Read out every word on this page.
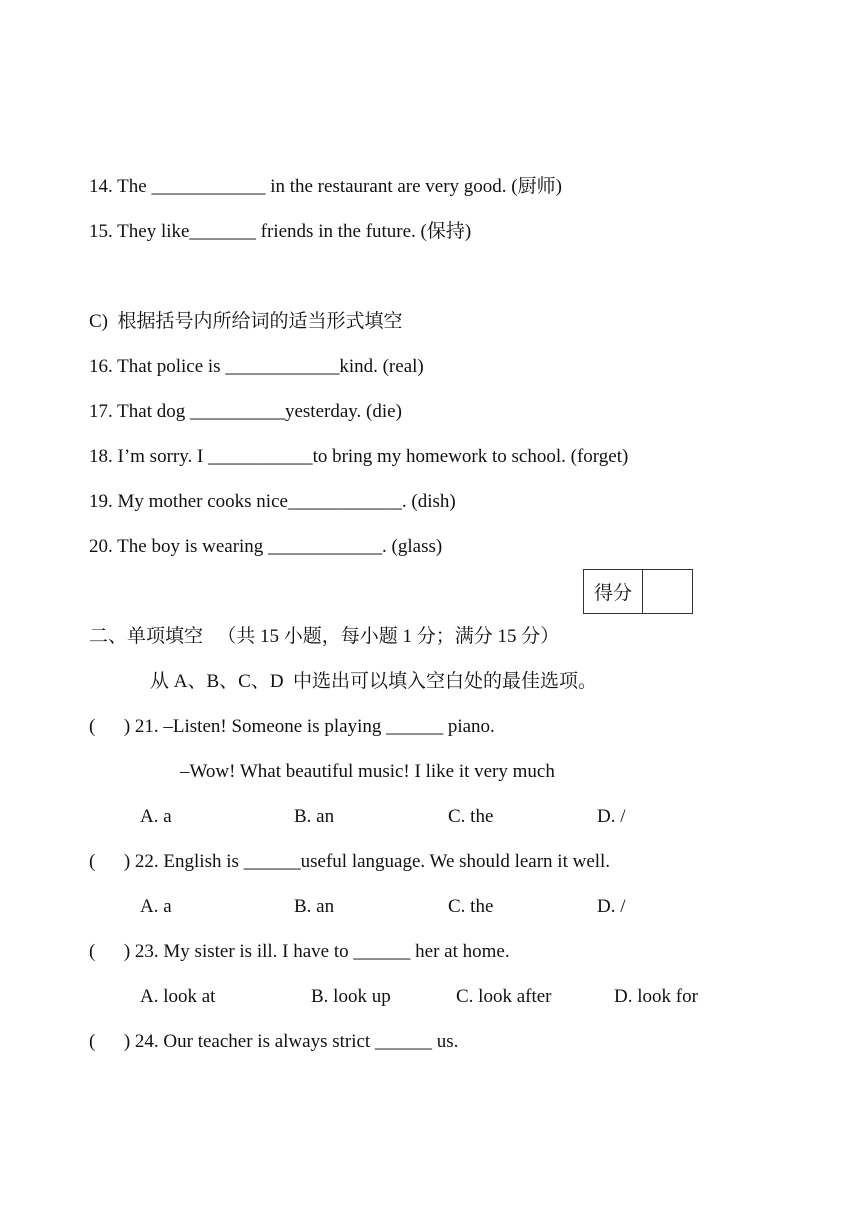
14. The ____________ in the restaurant are very good. (厨师)
15. They like_______ friends in the future. (保持)
C)  根据括号内所给词的适当形式填空
16. That police is ____________kind. (real)
17. That dog __________yesterday. (die)
18. I’m sorry. I ___________to bring my homework to school. (forget)
19. My mother cooks nice____________. (dish)
20. The boy is wearing ____________. (glass)
得分
二、单项填空   （共 15 小题，每小题 1 分；满分 15 分）
从 A、B、C、D  中选出可以填入空白处的最佳选项。
(      ) 21. –Listen! Someone is playing ______ piano.
–Wow! What beautiful music! I like it very much
A. a	B. an	C. the	D. /
(      ) 22. English is ______useful language. We should learn it well.
A. a	B. an	C. the	D. /
(      ) 23. My sister is ill. I have to ______ her at home.
A. look at	B. look up	C. look after	D. look for
(      ) 24. Our teacher is always strict ______ us.
